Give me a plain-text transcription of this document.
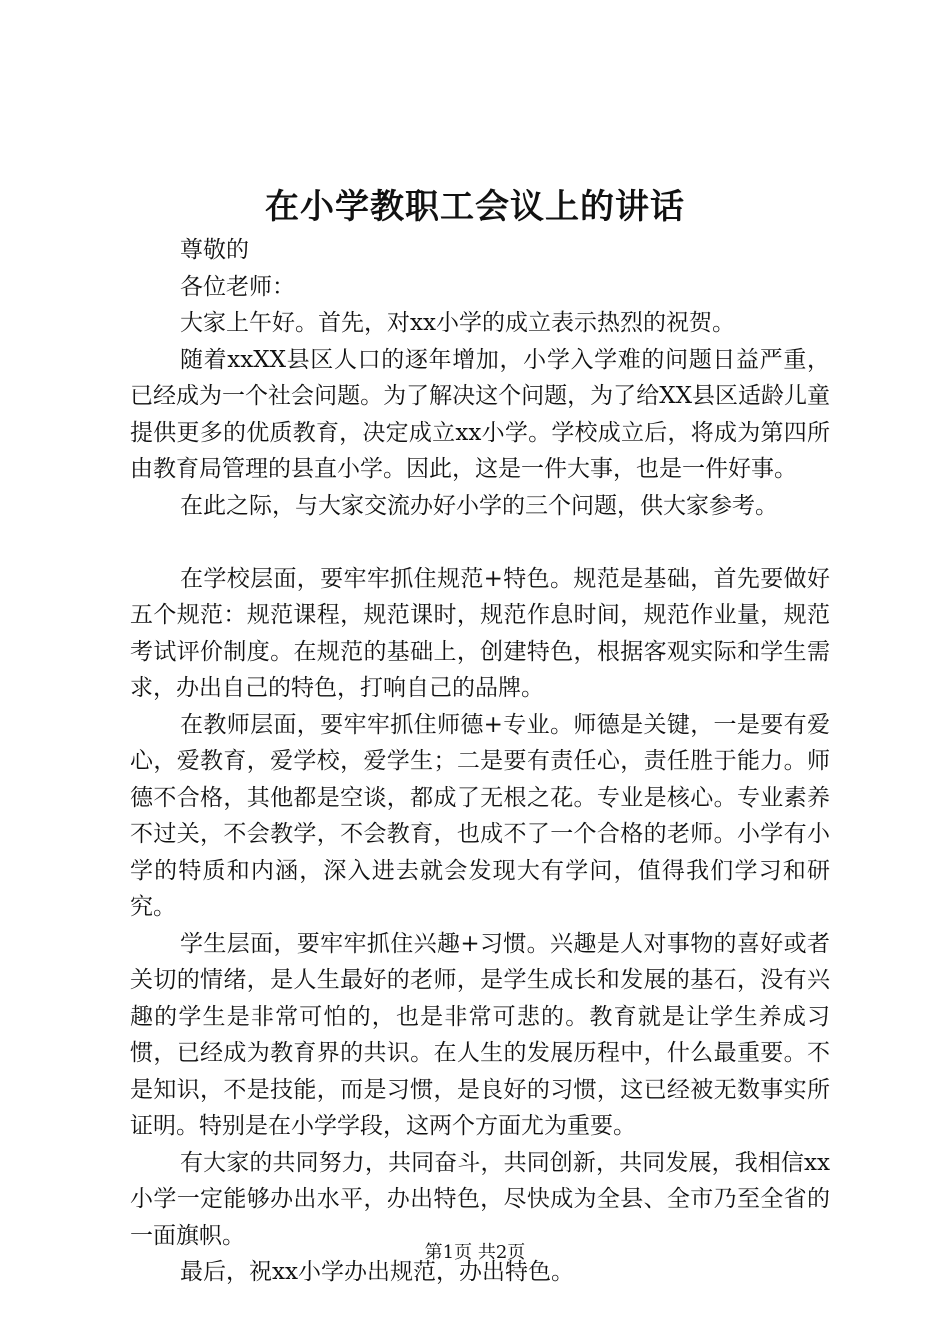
在小学教职工会议上的讲话

尊敬的

各位老师：

大家上午好。首先，对xx小学的成立表示热烈的祝贺。

随着xxXX县区人口的逐年增加，小学入学难的问题日益严重，已经成为一个社会问题。为了解决这个问题，为了给XX县区适龄儿童提供更多的优质教育，决定成立xx小学。学校成立后，将成为第四所由教育局管理的县直小学。因此，这是一件大事，也是一件好事。

在此之际，与大家交流办好小学的三个问题，供大家参考。

在学校层面，要牢牢抓住规范+特色。规范是基础，首先要做好五个规范：规范课程，规范课时，规范作息时间，规范作业量，规范考试评价制度。在规范的基础上，创建特色，根据客观实际和学生需求，办出自己的特色，打响自己的品牌。

在教师层面，要牢牢抓住师德+专业。师德是关键，一是要有爱心，爱教育，爱学校，爱学生；二是要有责任心，责任胜于能力。师德不合格，其他都是空谈，都成了无根之花。专业是核心。专业素养不过关，不会教学，不会教育，也成不了一个合格的老师。小学有小学的特质和内涵，深入进去就会发现大有学问，值得我们学习和研究。

学生层面，要牢牢抓住兴趣+习惯。兴趣是人对事物的喜好或者关切的情绪，是人生最好的老师，是学生成长和发展的基石，没有兴趣的学生是非常可怕的，也是非常可悲的。教育就是让学生养成习惯，已经成为教育界的共识。在人生的发展历程中，什么最重要。不是知识，不是技能，而是习惯，是良好的习惯，这已经被无数事实所证明。特别是在小学学段，这两个方面尤为重要。

有大家的共同努力，共同奋斗，共同创新，共同发展，我相信xx小学一定能够办出水平，办出特色，尽快成为全县、全市乃至全省的一面旗帜。

最后，祝xx小学办出规范，办出特色。

第1页 共2页
